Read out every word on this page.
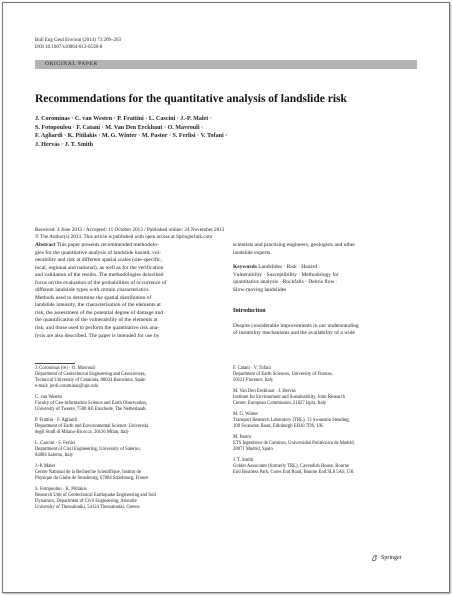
Bull Eng Geol Environ (2014) 73:209–263
DOI 10.1007/s10064-013-0538-8
ORIGINAL PAPER
Recommendations for the quantitative analysis of landslide risk
J. Corominas · C. van Westen · P. Frattini · L. Cascini · J.-P. Malet ·
S. Fotopoulou · F. Catani · M. Van Den Eeckhaut · O. Mavrouli ·
F. Agliardi · K. Pitilakis · M. G. Winter · M. Pastor · S. Ferlisi · V. Tofani ·
J. Hervás · J. T. Smith
Received: 4 June 2013 / Accepted: 11 October 2013 / Published online: 24 November 2013
© The Author(s) 2013. This article is published with open access at Springerlink.com
Abstract This paper presents recommended methodolo-
gies for the quantitative analysis of landslide hazard, vul-
nerability and risk at different spatial scales (site-specific,
local, regional and national), as well as for the verification
and validation of the results. The methodologies described
focus on the evaluation of the probabilities of occurrence of
different landslide types with certain characteristics.
Methods used to determine the spatial distribution of
landslide intensity, the characterisation of the elements at
risk, the assessment of the potential degree of damage and
the quantification of the vulnerability of the elements at
risk, and those used to perform the quantitative risk ana-
lysis are also described. The paper is intended for use by
scientists and practising engineers, geologists and other
landslide experts.
Keywords Landslides · Risk · Hazard ·
Vulnerability · Susceptibility · Methodology for
quantitative analysis · Rockfalls · Debris flow ·
Slow-moving landslides
Introduction
Despite considerable improvements in our understanding
of instability mechanisms and the availability of a wide
J. Corominas (✉) · O. Mavrouli
Department of Geotechnical Engineering and Geosciences,
Technical University of Catalonia, 08034 Barcelona, Spain
e-mail: jordi.corominas@upc.edu
C. van Westen
Faculty of Geo-information Science and Earth Observation,
University of Twente, 7500 AE Enschede, The Netherlands
P. Frattini · F. Agliardi
Department of Earth and Environmental Science, Università
degli Studi di Milano-Bicocca, 20126 Milan, Italy
L. Cascini · S. Ferlisi
Department of Civil Engineering, University of Salerno,
84084 Salerno, Italy
J.-P. Malet
Centre National de la Recherche Scientifique, Institut de
Physique du Globe de Strasbourg, 67084 Strasbourg, France
S. Fotopoulou · K. Pitilakis
Research Unit of Geotechnical Earthquake Engineering and Soil
Dynamics, Department of Civil Engineering, Aristotle
University of Thessaloniki, 54124 Thessaloniki, Greece
F. Catani · V. Tofani
Department of Earth Sciences, University of Firenze,
50121 Florence, Italy
M. Van Den Eeckhaut · J. Hervás
Institute for Environment and Sustainability, Joint Research
Centre, European Commission, 21027 Ispra, Italy
M. G. Winter
Transport Research Laboratory (TRL), 13 Swanston Steading,
109 Swanston Road, Edinburgh EH10 7DS, UK
M. Pastor
ETS Ingenieros de Caminos, Universidad Politécnica de Madrid,
28071 Madrid, Spain
J. T. Smith
Golder Associates (formerly TRL), Cavendish House, Bourne
End Business Park, Cores End Road, Bourne End SL8 5AS, UK
Springer
